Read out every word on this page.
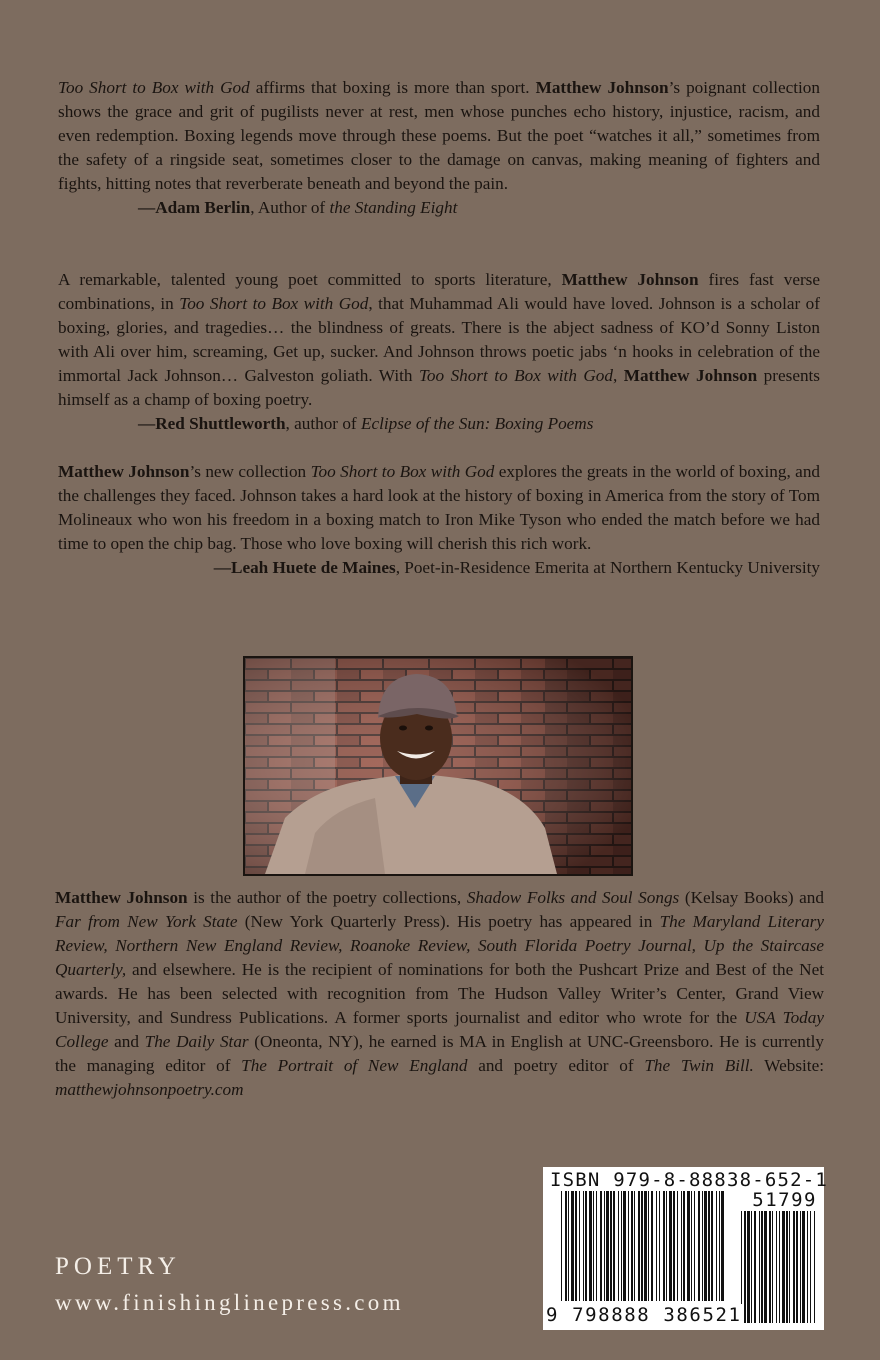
Too Short to Box with God affirms that boxing is more than sport. Matthew Johnson’s poignant collection shows the grace and grit of pugilists never at rest, men whose punches echo history, injustice, racism, and even redemption. Boxing legends move through these poems. But the poet “watches it all,” sometimes from the safety of a ringside seat, sometimes closer to the damage on canvas, making meaning of fighters and fights, hitting notes that reverberate beneath and beyond the pain.

—Adam Berlin, Author of the Standing Eight

A remarkable, talented young poet committed to sports literature, Matthew Johnson fires fast verse combinations, in Too Short to Box with God, that Muhammad Ali would have loved. Johnson is a scholar of boxing, glories, and tragedies… the blindness of greats. There is the abject sadness of KO’d Sonny Liston with Ali over him, screaming, Get up, sucker. And Johnson throws poetic jabs ‘n hooks in celebration of the immortal Jack Johnson… Galveston goliath. With Too Short to Box with God, Matthew Johnson presents himself as a champ of boxing poetry.

—Red Shuttleworth, author of Eclipse of the Sun: Boxing Poems

Matthew Johnson’s new collection Too Short to Box with God explores the greats in the world of boxing, and the challenges they faced. Johnson takes a hard look at the history of boxing in America from the story of Tom Molineaux who won his freedom in a boxing match to Iron Mike Tyson who ended the match before we had time to open the chip bag. Those who love boxing will cherish this rich work.

—Leah Huete de Maines, Poet-in-Residence Emerita at Northern Kentucky University

Matthew Johnson is the author of the poetry collections, Shadow Folks and Soul Songs (Kelsay Books) and Far from New York State (New York Quarterly Press). His poetry has appeared in The Maryland Literary Review, Northern New England Review, Roanoke Review, South Florida Poetry Journal, Up the Staircase Quarterly, and elsewhere. He is the recipient of nominations for both the Pushcart Prize and Best of the Net awards. He has been selected with recognition from The Hudson Valley Writer’s Center, Grand View University, and Sundress Publications. A former sports journalist and editor who wrote for the USA Today College and The Daily Star (Oneonta, NY), he earned is MA in English at UNC-Greensboro. He is currently the managing editor of The Portrait of New England and poetry editor of The Twin Bill. Website: matthewjohnsonpoetry.com

POETRY
www.finishinglinepress.com
ISBN 979-8-88838-652-1
51799
9 798888 386521
